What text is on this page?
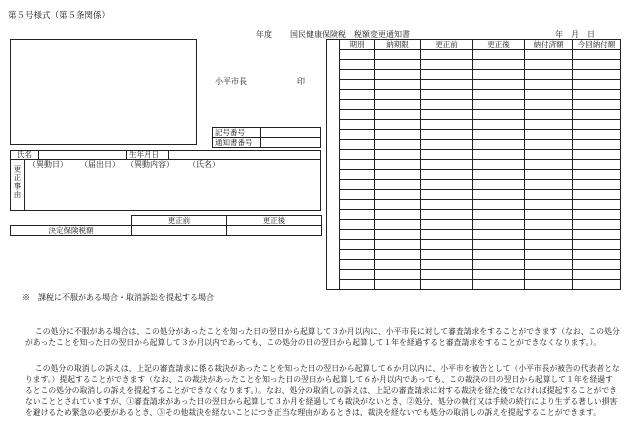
第５号様式（第５条関係）
年度 国民健康保険税　税額変更通知書	年　月　日
小平市長	印
記号番号	
通知書番号	
氏名	生年月日
更正事由
（異動日） （届出日） （異動内容） （氏名）
	更正前	更正後
決定保険税額		
	期別	納期限	更正前	更正後	納付済額	今回納付額

※　課税に不服がある場合・取消訴訟を提起する場合
この処分に不服がある場合は、この処分があったことを知った日の翌日から起算して３か月以内に、小平市長に対して審査請求をすることができます（なお、この処分があったことを知った日の翌日から起算して３か月以内であっても、この処分の日の翌日から起算して１年を経過すると審査請求をすることができなくなります。）。
この処分の取消しの訴えは、上記の審査請求に係る裁決があったことを知った日の翌日から起算して６か月以内に、小平市を被告として（小平市長が被告の代表者となります。）提起することができます（なお、この裁決があったことを知った日の翌日から起算して６か月以内であっても、この裁決の日の翌日から起算して１年を経過するとこの処分の取消しの訴えを提起することができなくなります。）。なお、処分の取消しの訴えは、上記の審査請求に対する裁決を経た後でなければ提起することができないこととされていますが、①審査請求があった日の翌日から起算して３か月を経過しても裁決がないとき、②処分、処分の執行又は手続の続行により生ずる著しい損害を避けるため緊急の必要があるとき、③その他裁決を経ないことにつき正当な理由があるときは、裁決を経ないでも処分の取消しの訴えを提起することができます。
